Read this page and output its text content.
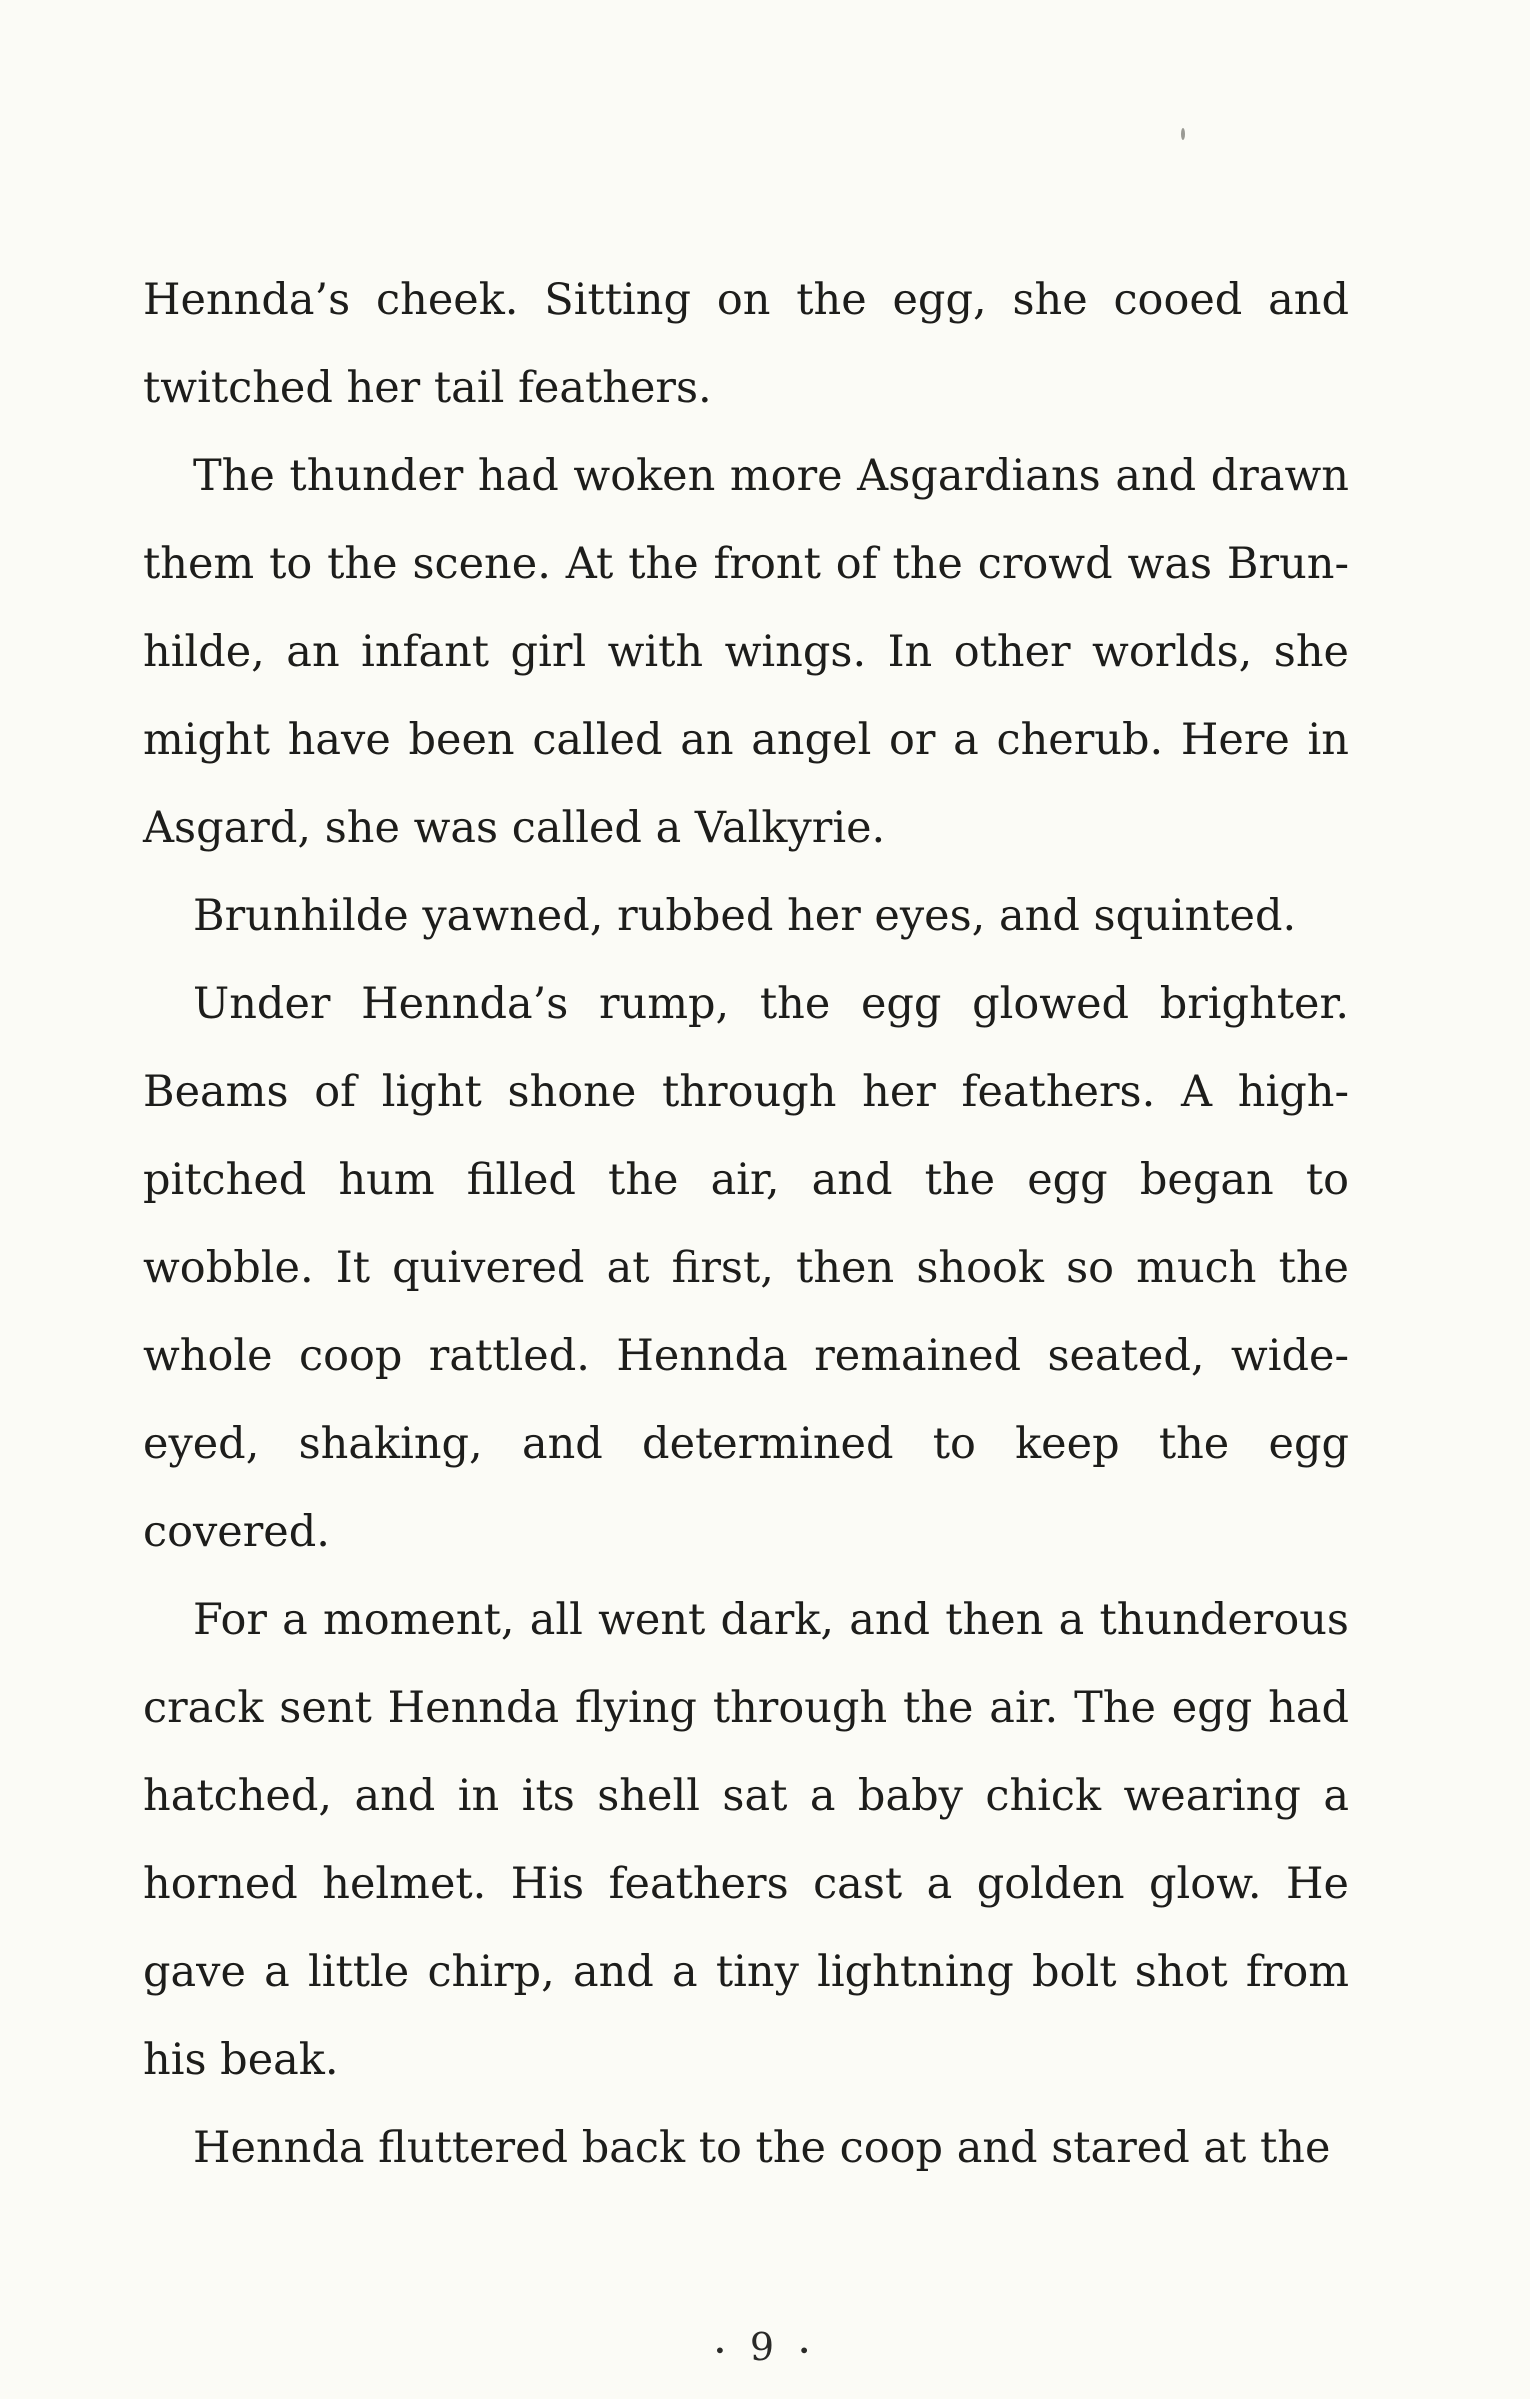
Hennda’s cheek. Sitting on the egg, she cooed and twitched her tail feathers.

The thunder had woken more Asgardians and drawn them to the scene. At the front of the crowd was Brun-hilde, an infant girl with wings. In other worlds, she might have been called an angel or a cherub. Here in Asgard, she was called a Valkyrie.

Brunhilde yawned, rubbed her eyes, and squinted.

Under Hennda’s rump, the egg glowed brighter. Beams of light shone through her feathers. A high-pitched hum filled the air, and the egg began to wobble. It quivered at first, then shook so much the whole coop rattled. Hennda remained seated, wide-eyed, shaking, and determined to keep the egg covered.

For a moment, all went dark, and then a thunderous crack sent Hennda flying through the air. The egg had hatched, and in its shell sat a baby chick wearing a horned helmet. His feathers cast a golden glow. He gave a little chirp, and a tiny lightning bolt shot from his beak.

Hennda fluttered back to the coop and stared at the

• 9 •
